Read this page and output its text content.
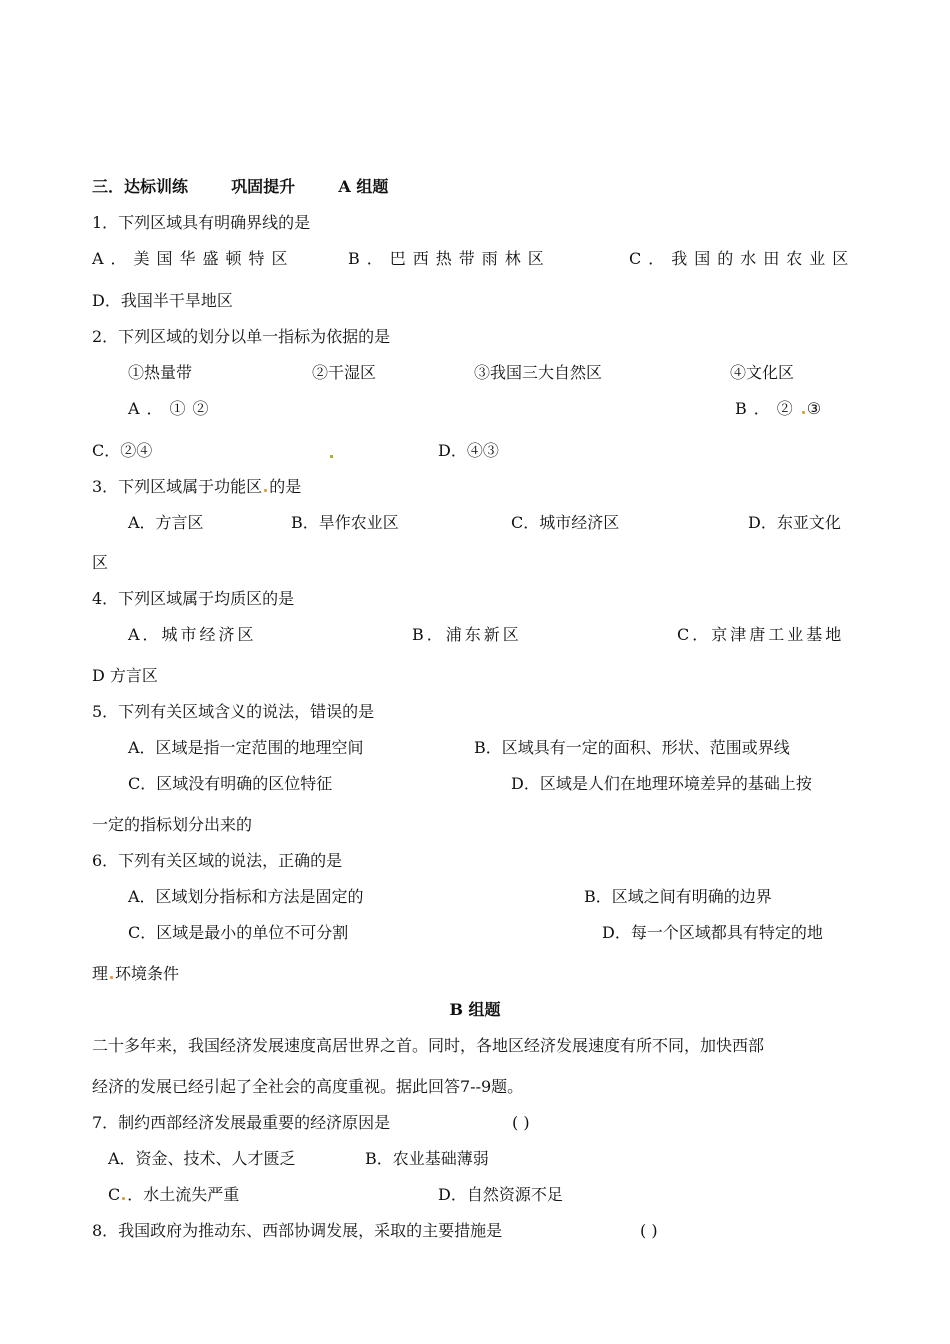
三．达标训练	巩固提升	A 组题
1．下列区域具有明确界线的是
A．美国华盛顿特区	B．巴西热带雨林区	C．我国的水田农业区
D．我国半干旱地区
2．下列区域的划分以单一指标为依据的是
①热量带	②干湿区	③我国三大自然区	④文化区
A．①②	B．② ③
C．②④	D．④③
3．下列区域属于功能区 的是
A．方言区	B．旱作农业区	C．城市经济区	D．东亚文化
区
4．下列区域属于均质区的是
A．城市经济区	B．浦东新区	C．京津唐工业基地
D 方言区
5．下列有关区域含义的说法，错误的是
A．区域是指一定范围的地理空间	B．区域具有一定的面积、形状、范围或界线
C．区域没有明确的区位特征	D．区域是人们在地理环境差异的基础上按
一定的指标划分出来的
6．下列有关区域的说法，正确的是
A．区域划分指标和方法是固定的	B．区域之间有明确的边界
C．区域是最小的单位不可分割	D．每一个区域都具有特定的地
理 环境条件
B 组题
二十多年来，我国经济发展速度高居世界之首。同时，各地区经济发展速度有所不同，加快西部
经济的发展已经引起了全社会的高度重视。据此回答7--9题。
7．制约西部经济发展最重要的经济原因是	( )
A．资金、技术、人才匮乏	B．农业基础薄弱
C ．水土流失严重	D．自然资源不足
8．我国政府为推动东、西部协调发展，采取的主要措施是	( )
